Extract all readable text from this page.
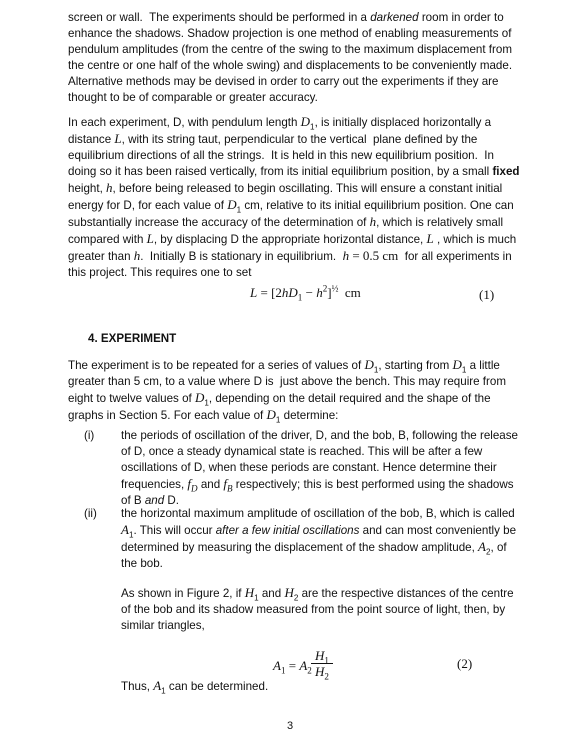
screen or wall.  The experiments should be performed in a darkened room in order to enhance the shadows. Shadow projection is one method of enabling measurements of pendulum amplitudes (from the centre of the swing to the maximum displacement from the centre or one half of the whole swing) and displacements to be conveniently made. Alternative methods may be devised in order to carry out the experiments if they are thought to be of comparable or greater accuracy.

In each experiment, D, with pendulum length $D_1$, is initially displaced horizontally a distance L, with its string taut, perpendicular to the vertical  plane defined by the equilibrium directions of all the strings.  It is held in this new equilibrium position.  In doing so it has been raised vertically, from its initial equilibrium position, by a small fixed height, h, before being released to begin oscillating. This will ensure a constant initial energy for D, for each value of $D_1$ cm, relative to its initial equilibrium position. One can substantially increase the accuracy of the determination of h, which is relatively small compared with L, by displacing D the appropriate horizontal distance, L , which is much greater than h.  Initially B is stationary in equilibrium.  h = 0.5 cm  for all experiments in this project. This requires one to set

$L = [2hD_1 - h^2]^{\frac{1}{2}}$  cm	(1)
4. EXPERIMENT

The experiment is to be repeated for a series of values of $D_1$, starting from $D_1$ a little greater than 5 cm, to a value where D is  just above the bench. This may require from eight to twelve values of $D_1$, depending on the detail required and the shape of the graphs in Section 5. For each value of $D_1$ determine:

(i) the periods of oscillation of the driver, D, and the bob, B, following the release of D, once a steady dynamical state is reached. This will be after a few oscillations of D, when these periods are constant. Hence determine their frequencies, $f_D$ and $f_B$ respectively; this is best performed using the shadows of B and D.
(ii) the horizontal maximum amplitude of oscillation of the bob, B, which is called $A_1$. This will occur after a few initial oscillations and can most conveniently be determined by measuring the displacement of the shadow amplitude, $A_2$, of the bob.

As shown in Figure 2, if $H_1$ and $H_2$ are the respective distances of the centre of the bob and its shadow measured from the point source of light, then, by similar triangles,

$A_1 = A_2$
$H_1$
$H_2$
(2)

Thus, $A_1$ can be determined.

3
